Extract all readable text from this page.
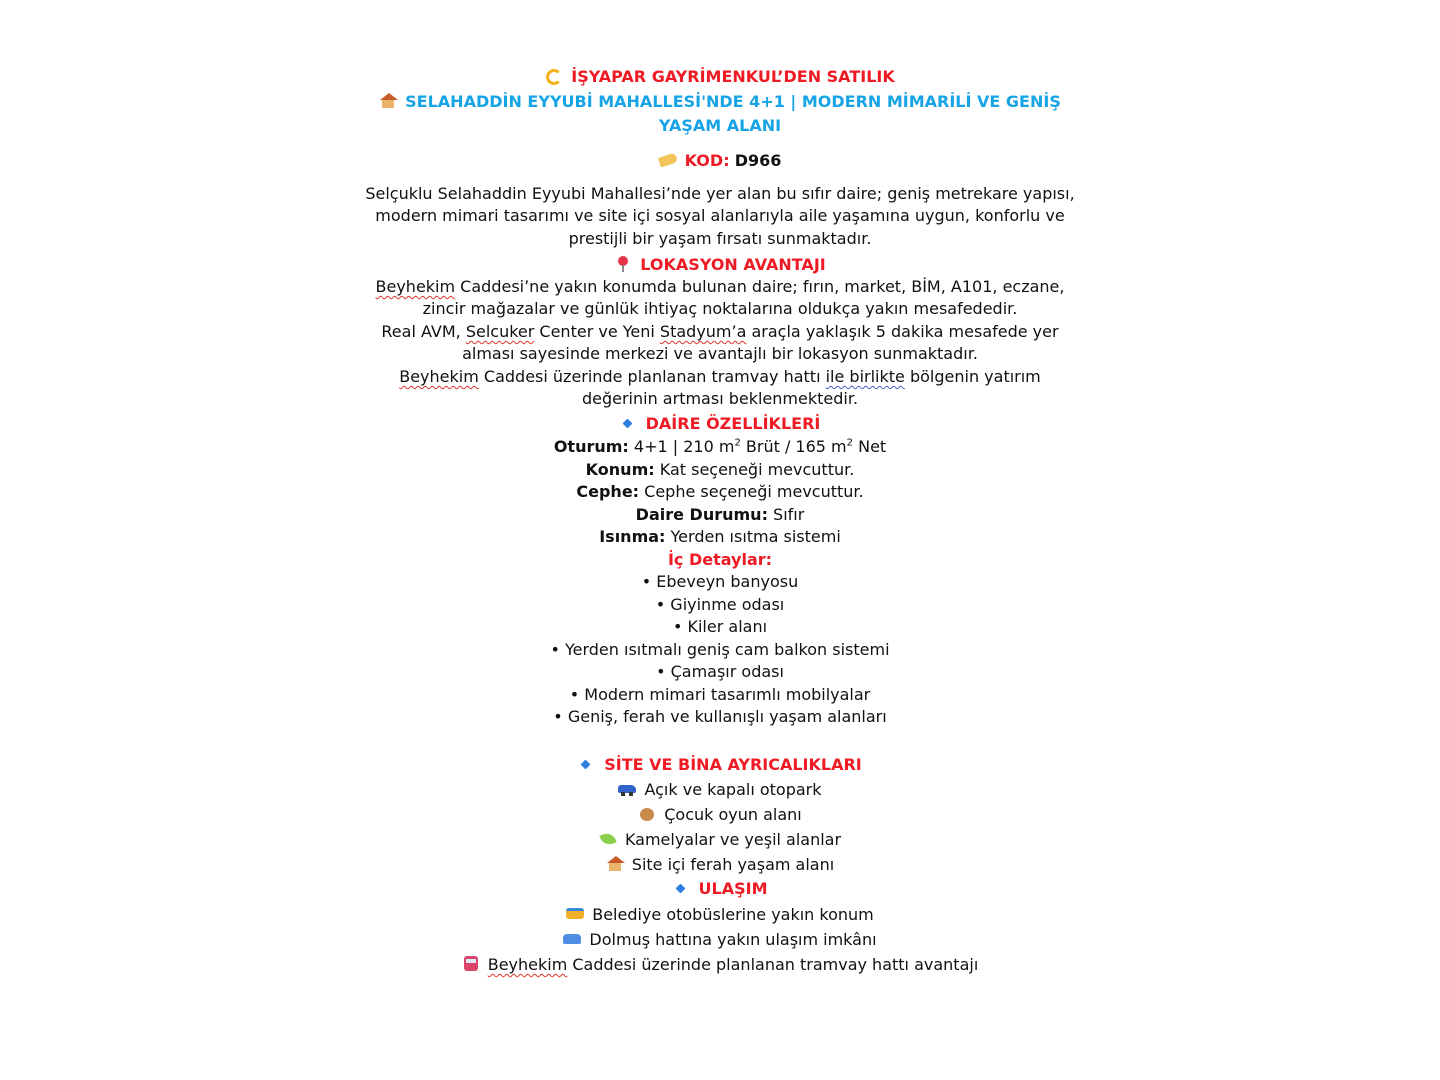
İŞYAPAR GAYRİMENKUL’DEN SATILIK
SELAHADDİN EYYUBİ MAHALLESİ'NDE 4+1 | MODERN MİMARİLİ VE GENİŞ
YAŞAM ALANI
KOD: D966
Selçuklu Selahaddin Eyyubi Mahallesi’nde yer alan bu sıfır daire; geniş metrekare yapısı,
modern mimari tasarımı ve site içi sosyal alanlarıyla aile yaşamına uygun, konforlu ve
prestijli bir yaşam fırsatı sunmaktadır.
LOKASYON AVANTAJI
Beyhekim Caddesi’ne yakın konumda bulunan daire; fırın, market, BİM, A101, eczane,
zincir mağazalar ve günlük ihtiyaç noktalarına oldukça yakın mesafededir.
Real AVM, Selcuker Center ve Yeni Stadyum’a araçla yaklaşık 5 dakika mesafede yer
alması sayesinde merkezi ve avantajlı bir lokasyon sunmaktadır.
Beyhekim Caddesi üzerinde planlanan tramvay hattı ile birlikte bölgenin yatırım
değerinin artması beklenmektedir.
DAİRE ÖZELLİKLERİ
Oturum: 4+1 | 210 $m^2$ Brüt / 165 $m^2$ Net
Konum: Kat seçeneği mevcuttur.
Cephe: Cephe seçeneği mevcuttur.
Daire Durumu: Sıfır
Isınma: Yerden ısıtma sistemi
İç Detaylar:
• Ebeveyn banyosu
• Giyinme odası
• Kiler alanı
• Yerden ısıtmalı geniş cam balkon sistemi
• Çamaşır odası
• Modern mimari tasarımlı mobilyalar
• Geniş, ferah ve kullanışlı yaşam alanları
SİTE VE BİNA AYRICALIKLARI
Açık ve kapalı otopark
Çocuk oyun alanı
Kamelyalar ve yeşil alanlar
Site içi ferah yaşam alanı
ULAŞIM
Belediye otobüslerine yakın konum
Dolmuş hattına yakın ulaşım imkânı
Beyhekim Caddesi üzerinde planlanan tramvay hattı avantajı
